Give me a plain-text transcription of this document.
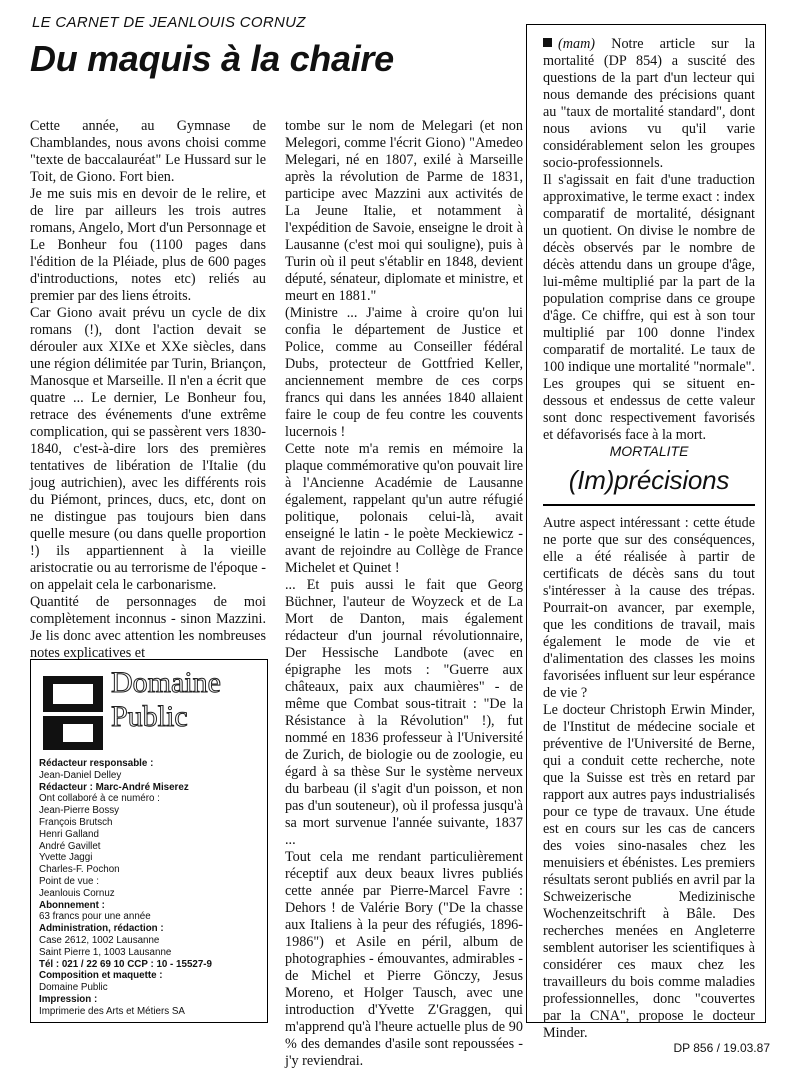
LE CARNET DE JEANLOUIS CORNUZ
Du maquis à la chaire

Cette année, au Gymnase de Chamblandes, nous avons choisi comme "texte de baccalauréat" Le Hussard sur le Toit, de Giono. Fort bien.

Je me suis mis en devoir de le relire, et de lire par ailleurs les trois autres romans, Angelo, Mort d'un Personnage et Le Bonheur fou (1100 pages dans l'édition de la Pléiade, plus de 600 pages d'introductions, notes etc) reliés au premier par des liens étroits.

Car Giono avait prévu un cycle de dix romans (!), dont l'action devait se dérouler aux XIXe et XXe siècles, dans une région délimitée par Turin, Briançon, Manosque et Marseille. Il n'en a écrit que quatre ... Le dernier, Le Bonheur fou, retrace des événements d'une extrême complication, qui se passèrent vers 1830-1840, c'est-à-dire lors des premières tentatives de libération de l'Italie (du joug autrichien), avec les différents rois du Piémont, princes, ducs, etc, dont on ne distingue pas toujours bien dans quelle mesure (ou dans quelle proportion !) ils appartiennent à la vieille aristocratie ou au terrorisme de l'époque - on appelait cela le carbonarisme.

Quantité de personnages de moi complètement inconnus - sinon Mazzini. Je lis donc avec attention les nombreuses notes explicatives et

tombe sur le nom de Melegari (et non Melegori, comme l'écrit Giono) "Amedeo Melegari, né en 1807, exilé à Marseille après la révolution de Parme de 1831, participe avec Mazzini aux activités de La Jeune Italie, et notamment à l'expédition de Savoie, enseigne le droit à Lausanne (c'est moi qui souligne), puis à Turin où il peut s'établir en 1848, devient député, sénateur, diplomate et ministre, et meurt en 1881."

(Ministre ... J'aime à croire qu'on lui confia le département de Justice et Police, comme au Conseiller fédéral Dubs, protecteur de Gottfried Keller, anciennement membre de ces corps francs qui dans les années 1840 allaient faire le coup de feu contre les couvents lucernois !

Cette note m'a remis en mémoire la plaque commémorative qu'on pouvait lire à l'Ancienne Académie de Lausanne également, rappelant qu'un autre réfugié politique, polonais celui-là, avait enseigné le latin - le poète Meckiewicz - avant de rejoindre au Collège de France Michelet et Quinet !

... Et puis aussi le fait que Georg Büchner, l'auteur de Woyzeck et de La Mort de Danton, mais également rédacteur d'un journal révolutionnaire, Der Hessische Landbote (avec en épigraphe les mots : "Guerre aux châteaux, paix aux chaumières" - de même que Combat sous-titrait : "De la Résistance à la Révolution" !), fut nommé en 1836 professeur à l'Université de Zurich, de biologie ou de zoologie, eu égard à sa thèse Sur le système nerveux du barbeau (il s'agit d'un poisson, et non pas d'un souteneur), où il professa jusqu'à sa mort survenue l'année suivante, 1837 ...

Tout cela me rendant particulièrement réceptif aux deux beaux livres publiés cette année par Pierre-Marcel Favre : Dehors ! de Valérie Bory ("De la chasse aux Italiens à la peur des réfugiés, 1896-1986") et Asile en péril, album de photographies - émouvantes, admirables - de Michel et Pierre Gönczy, Jesus Moreno, et Holger Tausch, avec une introduction d'Yvette Z'Graggen, qui m'apprend qu'à l'heure actuelle plus de 90 % des demandes d'asile sont repoussées - j'y reviendrai.

(mam) Notre article sur la mortalité (DP 854) a suscité des questions de la part d'un lecteur qui nous demande des précisions quant au "taux de mortalité standard", dont nous avions vu qu'il varie considérablement selon les groupes socio-professionnels.

Il s'agissait en fait d'une traduction approximative, le terme exact : index comparatif de mortalité, désignant un quotient. On divise le nombre de décès observés par le nombre de décès attendu dans un groupe d'âge, lui-même multiplié par la part de la population comprise dans ce groupe d'âge. Ce chiffre, qui est à son tour multiplié par 100 donne l'index comparatif de mortalité. Le taux de 100 indique une mortalité "normale". Les groupes qui se situent en-dessous et endessus de cette valeur sont donc respectivement favorisés et défavorisés face à la mort.

MORTALITE
(Im)précisions

Autre aspect intéressant : cette étude ne porte que sur des conséquences, elle a été réalisée à partir de certificats de décès sans du tout s'intéresser à la cause des trépas. Pourrait-on avancer, par exemple, que les conditions de travail, mais également le mode de vie et d'alimentation des classes les moins favorisées influent sur leur espérance de vie ?

Le docteur Christoph Erwin Minder, de l'Institut de médecine sociale et préventive de l'Université de Berne, qui a conduit cette recherche, note que la Suisse est très en retard par rapport aux autres pays industrialisés pour ce type de travaux. Une étude est en cours sur les cas de cancers des voies sino-nasales chez les menuisiers et ébénistes. Les premiers résultats seront publiés en avril par la Schweizerische Medizinische Wochenzeitschrift à Bâle. Des recherches menées en Angleterre semblent autoriser les scientifiques à considérer ces maux chez les travailleurs du bois comme maladies professionnelles, donc "couvertes par la CNA", propose le docteur Minder.

Domaine
Public
Rédacteur responsable :
Jean-Daniel Delley
Rédacteur : Marc-André Miserez
Ont collaboré à ce numéro :
Jean-Pierre Bossy
François Brutsch
Henri Galland
André Gavillet
Yvette Jaggi
Charles-F. Pochon
Point de vue :
Jeanlouis Cornuz
Abonnement :
63 francs pour une année
Administration, rédaction :
Case 2612, 1002 Lausanne
Saint Pierre 1, 1003 Lausanne
Tél : 021 / 22 69 10 CCP : 10 - 15527-9
Composition et maquette :
Domaine Public
Impression :
Imprimerie des Arts et Métiers SA
DP 856 / 19.03.87
